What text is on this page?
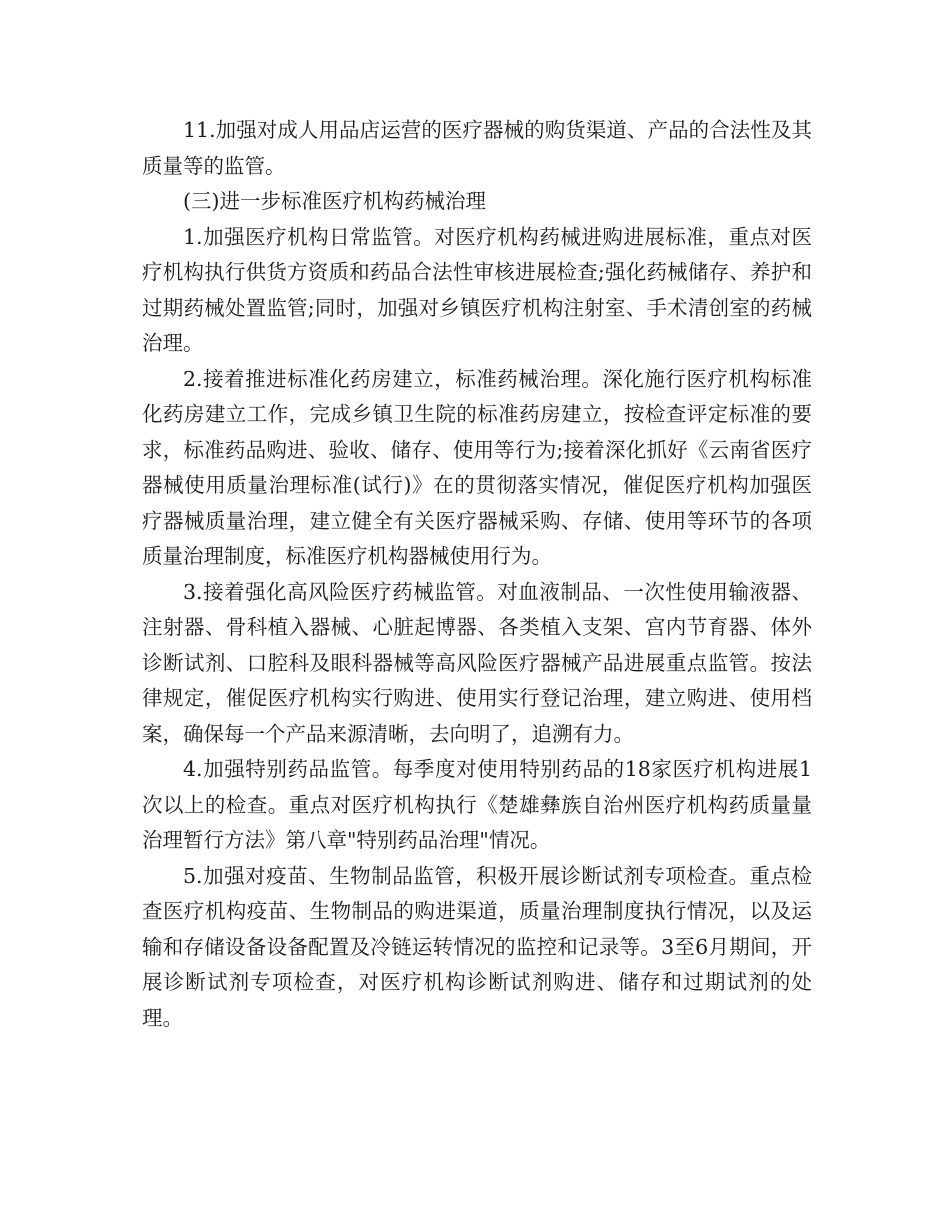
11.加强对成人用品店运营的医疗器械的购货渠道、产品的合法性及其质量等的监管。

(三)进一步标准医疗机构药械治理

1.加强医疗机构日常监管。对医疗机构药械进购进展标准，重点对医疗机构执行供货方资质和药品合法性审核进展检查;强化药械储存、养护和过期药械处置监管;同时，加强对乡镇医疗机构注射室、手术清创室的药械治理。

2.接着推进标准化药房建立，标准药械治理。深化施行医疗机构标准化药房建立工作，完成乡镇卫生院的标准药房建立，按检查评定标准的要求，标准药品购进、验收、储存、使用等行为;接着深化抓好《云南省医疗器械使用质量治理标准(试行)》在的贯彻落实情况，催促医疗机构加强医疗器械质量治理，建立健全有关医疗器械采购、存储、使用等环节的各项质量治理制度，标准医疗机构器械使用行为。

3.接着强化高风险医疗药械监管。对血液制品、一次性使用输液器、注射器、骨科植入器械、心脏起博器、各类植入支架、宫内节育器、体外诊断试剂、口腔科及眼科器械等高风险医疗器械产品进展重点监管。按法律规定，催促医疗机构实行购进、使用实行登记治理，建立购进、使用档案，确保每一个产品来源清晰，去向明了，追溯有力。

4.加强特别药品监管。每季度对使用特别药品的18家医疗机构进展1次以上的检查。重点对医疗机构执行《楚雄彝族自治州医疗机构药质量量治理暂行方法》第八章"特别药品治理"情况。

5.加强对疫苗、生物制品监管，积极开展诊断试剂专项检查。重点检查医疗机构疫苗、生物制品的购进渠道，质量治理制度执行情况，以及运输和存储设备设备配置及冷链运转情况的监控和记录等。3至6月期间，开展诊断试剂专项检查，对医疗机构诊断试剂购进、储存和过期试剂的处理。
